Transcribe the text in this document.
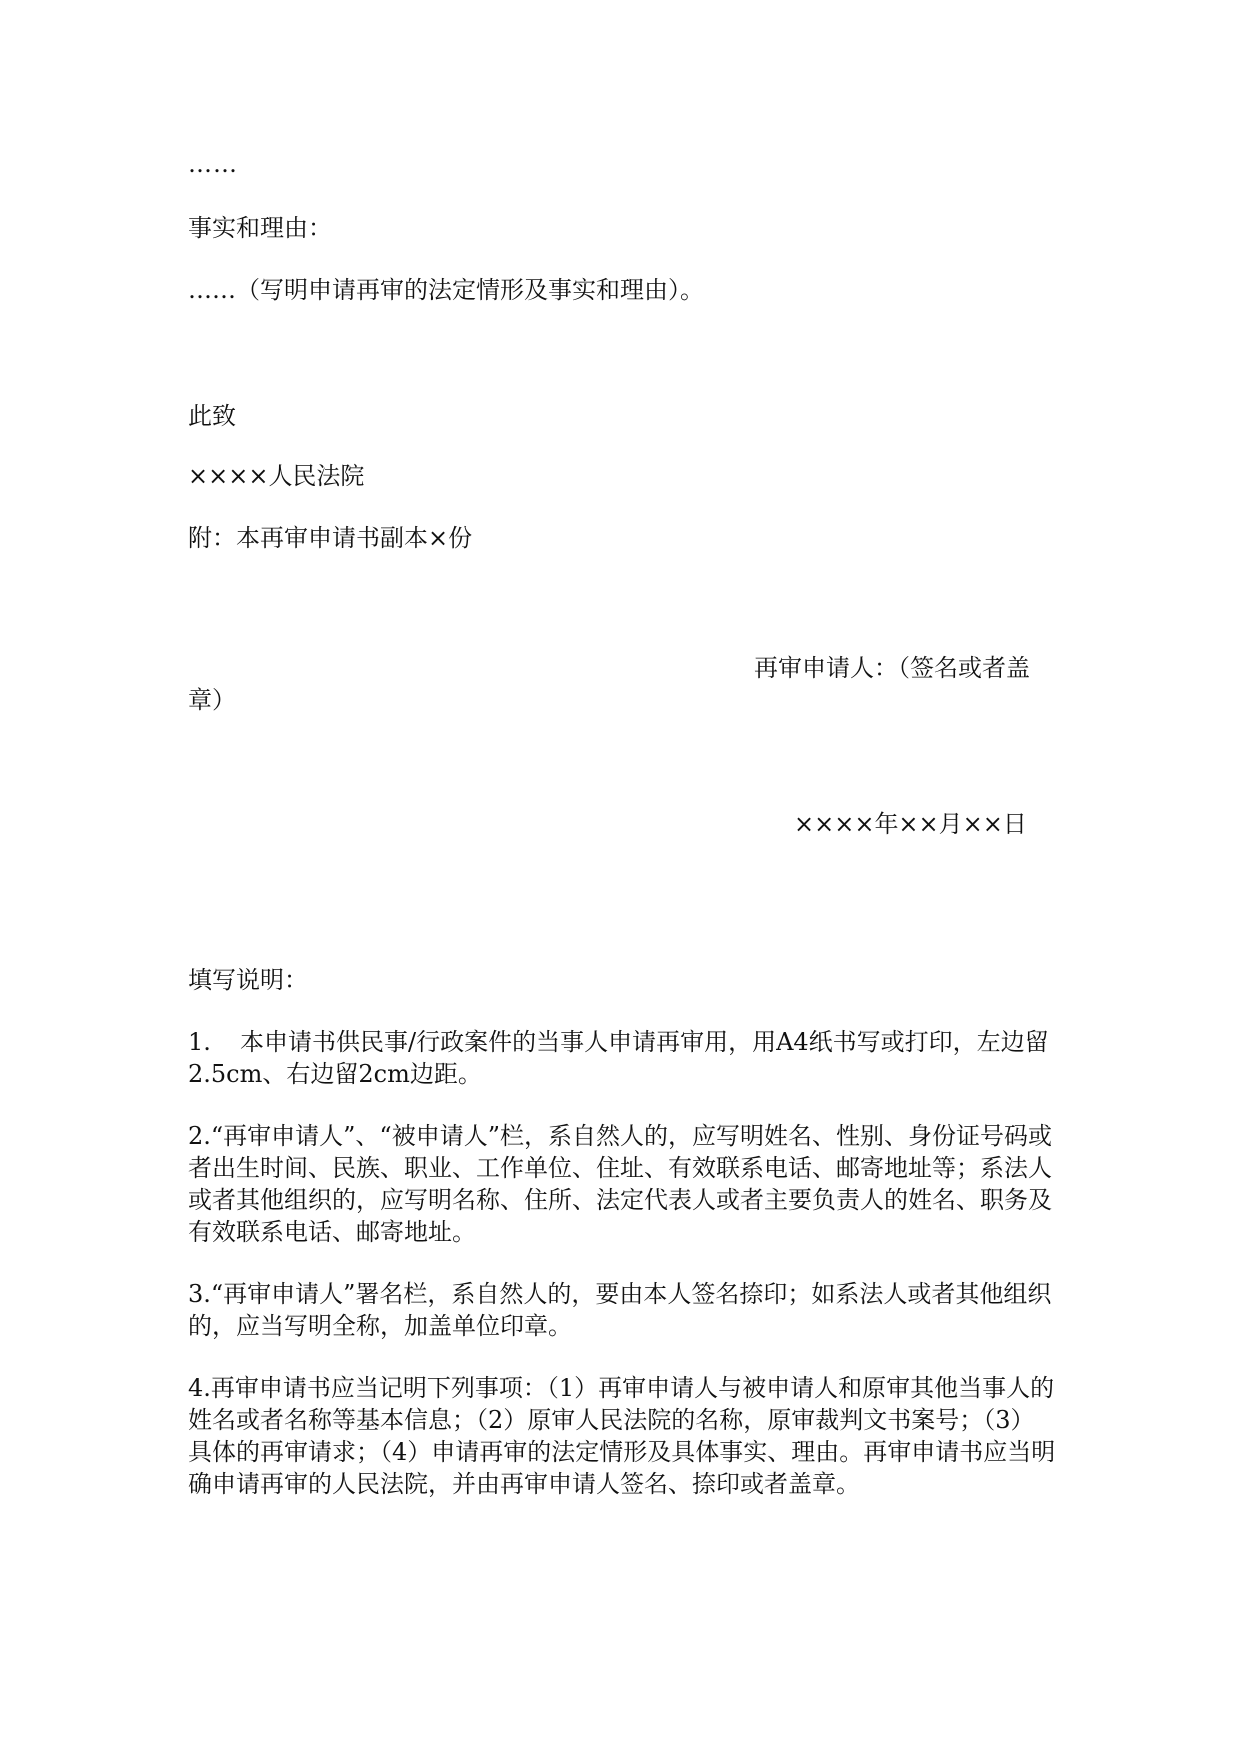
……

事实和理由：

……（写明申请再审的法定情形及事实和理由）。

此致

××××人民法院

附：本再审申请书副本×份

再审申请人：（签名或者盖章）

××××年××月××日

填写说明：

1. 本申请书供民事/行政案件的当事人申请再审用，用A4纸书写或打印，左边留2.5cm、右边留2cm边距。

2.“再审申请人”、“被申请人”栏，系自然人的，应写明姓名、性别、身份证号码或者出生时间、民族、职业、工作单位、住址、有效联系电话、邮寄地址等；系法人或者其他组织的，应写明名称、住所、法定代表人或者主要负责人的姓名、职务及有效联系电话、邮寄地址。

3.“再审申请人”署名栏，系自然人的，要由本人签名捺印；如系法人或者其他组织的，应当写明全称，加盖单位印章。

4.再审申请书应当记明下列事项：（1）再审申请人与被申请人和原审其他当事人的姓名或者名称等基本信息；（2）原审人民法院的名称，原审裁判文书案号；（3）具体的再审请求；（4）申请再审的法定情形及具体事实、理由。再审申请书应当明确申请再审的人民法院，并由再审申请人签名、捺印或者盖章。
